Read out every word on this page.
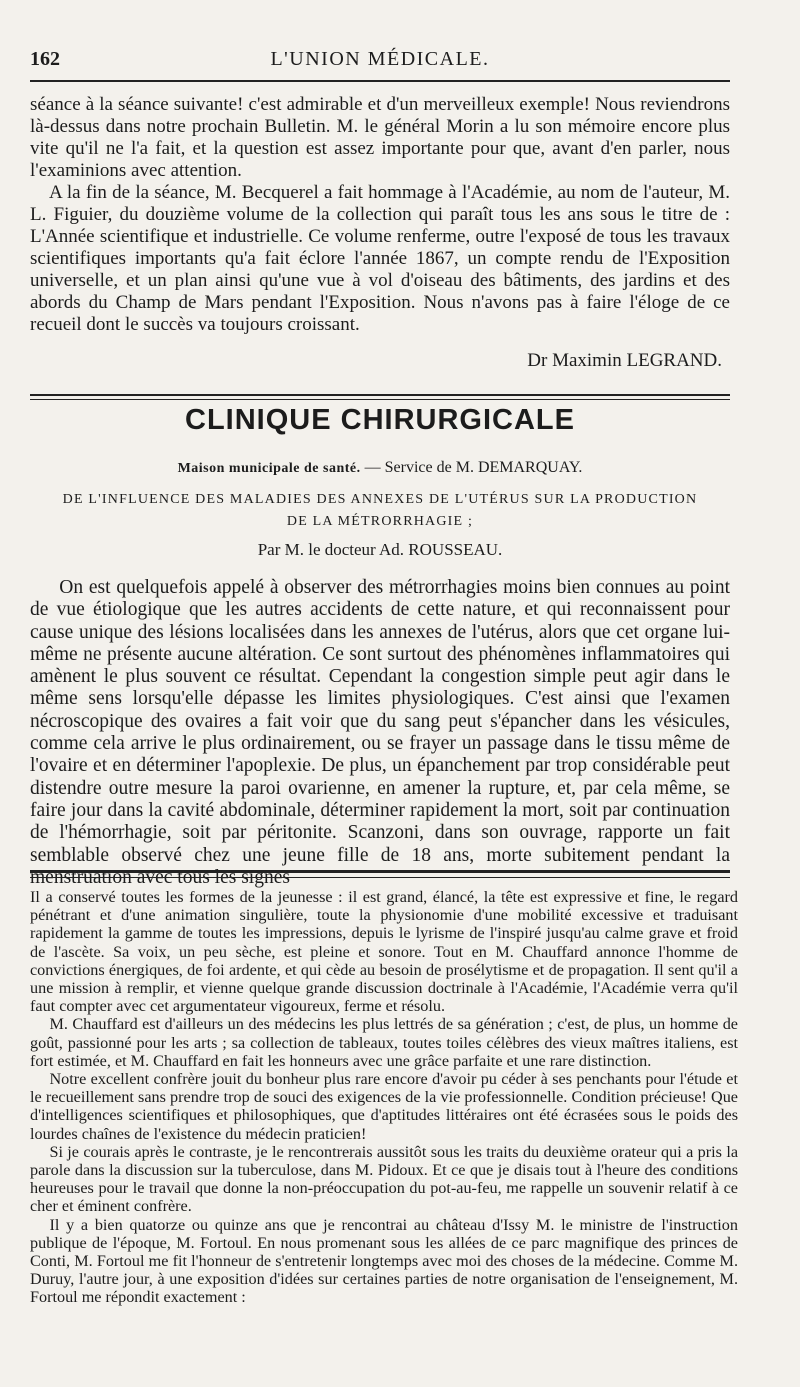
162	L'UNION MÉDICALE.

séance à la séance suivante! c'est admirable et d'un merveilleux exemple! Nous reviendrons là-dessus dans notre prochain Bulletin. M. le général Morin a lu son mémoire encore plus vite qu'il ne l'a fait, et la question est assez importante pour que, avant d'en parler, nous l'examinions avec attention.

A la fin de la séance, M. Becquerel a fait hommage à l'Académie, au nom de l'auteur, M. L. Figuier, du douzième volume de la collection qui paraît tous les ans sous le titre de : L'Année scientifique et industrielle. Ce volume renferme, outre l'exposé de tous les travaux scientifiques importants qu'a fait éclore l'année 1867, un compte rendu de l'Exposition universelle, et un plan ainsi qu'une vue à vol d'oiseau des bâtiments, des jardins et des abords du Champ de Mars pendant l'Exposition. Nous n'avons pas à faire l'éloge de ce recueil dont le succès va toujours croissant.

Dr Maximin LEGRAND.
CLINIQUE CHIRURGICALE
Maison municipale de santé. — Service de M. DEMARQUAY.
DE L'INFLUENCE DES MALADIES DES ANNEXES DE L'UTÉRUS SUR LA PRODUCTION
DE LA MÉTRORRHAGIE ;
Par M. le docteur Ad. ROUSSEAU.

On est quelquefois appelé à observer des métrorrhagies moins bien connues au point de vue étiologique que les autres accidents de cette nature, et qui reconnaissent pour cause unique des lésions localisées dans les annexes de l'utérus, alors que cet organe lui-même ne présente aucune altération. Ce sont surtout des phénomènes inflammatoires qui amènent le plus souvent ce résultat. Cependant la congestion simple peut agir dans le même sens lorsqu'elle dépasse les limites physiologiques. C'est ainsi que l'examen nécroscopique des ovaires a fait voir que du sang peut s'épancher dans les vésicules, comme cela arrive le plus ordinairement, ou se frayer un passage dans le tissu même de l'ovaire et en déterminer l'apoplexie. De plus, un épanchement par trop considérable peut distendre outre mesure la paroi ovarienne, en amener la rupture, et, par cela même, se faire jour dans la cavité abdominale, déterminer rapidement la mort, soit par continuation de l'hémorrhagie, soit par péritonite. Scanzoni, dans son ouvrage, rapporte un fait semblable observé chez une jeune fille de 18 ans, morte subitement pendant la menstruation avec tous les signes

Il a conservé toutes les formes de la jeunesse : il est grand, élancé, la tête est expressive et fine, le regard pénétrant et d'une animation singulière, toute la physionomie d'une mobilité excessive et traduisant rapidement la gamme de toutes les impressions, depuis le lyrisme de l'inspiré jusqu'au calme grave et froid de l'ascète. Sa voix, un peu sèche, est pleine et sonore. Tout en M. Chauffard annonce l'homme de convictions énergiques, de foi ardente, et qui cède au besoin de prosélytisme et de propagation. Il sent qu'il a une mission à remplir, et vienne quelque grande discussion doctrinale à l'Académie, l'Académie verra qu'il faut compter avec cet argumentateur vigoureux, ferme et résolu.

M. Chauffard est d'ailleurs un des médecins les plus lettrés de sa génération ; c'est, de plus, un homme de goût, passionné pour les arts ; sa collection de tableaux, toutes toiles célèbres des vieux maîtres italiens, est fort estimée, et M. Chauffard en fait les honneurs avec une grâce parfaite et une rare distinction.

Notre excellent confrère jouit du bonheur plus rare encore d'avoir pu céder à ses penchants pour l'étude et le recueillement sans prendre trop de souci des exigences de la vie professionnelle. Condition précieuse! Que d'intelligences scientifiques et philosophiques, que d'aptitudes littéraires ont été écrasées sous le poids des lourdes chaînes de l'existence du médecin praticien!

Si je courais après le contraste, je le rencontrerais aussitôt sous les traits du deuxième orateur qui a pris la parole dans la discussion sur la tuberculose, dans M. Pidoux. Et ce que je disais tout à l'heure des conditions heureuses pour le travail que donne la non-préoccupation du pot-au-feu, me rappelle un souvenir relatif à ce cher et éminent confrère.

Il y a bien quatorze ou quinze ans que je rencontrai au château d'Issy M. le ministre de l'instruction publique de l'époque, M. Fortoul. En nous promenant sous les allées de ce parc magnifique des princes de Conti, M. Fortoul me fit l'honneur de s'entretenir longtemps avec moi des choses de la médecine. Comme M. Duruy, l'autre jour, à une exposition d'idées sur certaines parties de notre organisation de l'enseignement, M. Fortoul me répondit exactement :
